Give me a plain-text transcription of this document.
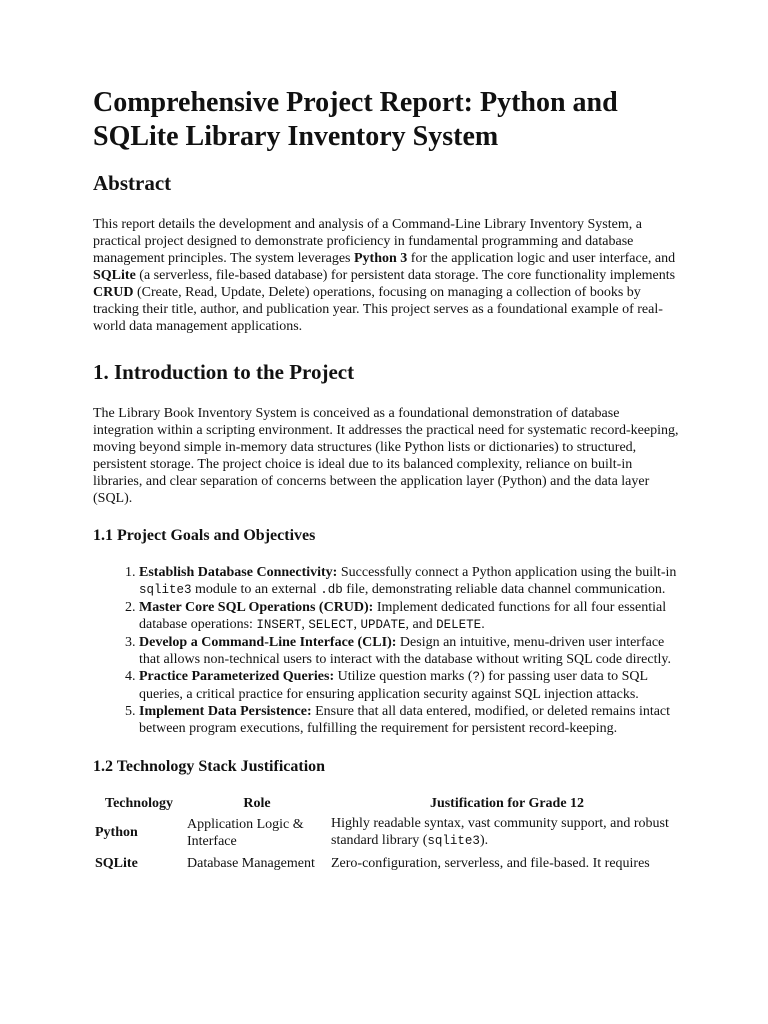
Comprehensive Project Report: Python and SQLite Library Inventory System
Abstract

This report details the development and analysis of a Command-Line Library Inventory System, a practical project designed to demonstrate proficiency in fundamental programming and database management principles. The system leverages Python 3 for the application logic and user interface, and SQLite (a serverless, file-based database) for persistent data storage. The core functionality implements CRUD (Create, Read, Update, Delete) operations, focusing on managing a collection of books by tracking their title, author, and publication year. This project serves as a foundational example of real-world data management applications.

1. Introduction to the Project

The Library Book Inventory System is conceived as a foundational demonstration of database integration within a scripting environment. It addresses the practical need for systematic record-keeping, moving beyond simple in-memory data structures (like Python lists or dictionaries) to structured, persistent storage. The project choice is ideal due to its balanced complexity, reliance on built-in libraries, and clear separation of concerns between the application layer (Python) and the data layer (SQL).

1.1 Project Goals and Objectives
1. Establish Database Connectivity: Successfully connect a Python application using the built-in sqlite3 module to an external .db file, demonstrating reliable data channel communication.
2. Master Core SQL Operations (CRUD): Implement dedicated functions for all four essential database operations: INSERT, SELECT, UPDATE, and DELETE.
3. Develop a Command-Line Interface (CLI): Design an intuitive, menu-driven user interface that allows non-technical users to interact with the database without writing SQL code directly.
4. Practice Parameterized Queries: Utilize question marks (?) for passing user data to SQL queries, a critical practice for ensuring application security against SQL injection attacks.
5. Implement Data Persistence: Ensure that all data entered, modified, or deleted remains intact between program executions, fulfilling the requirement for persistent record-keeping.
1.2 Technology Stack Justification
Technology	Role	Justification for Grade 12
Python	Application Logic & Interface	Highly readable syntax, vast community support, and robust standard library (sqlite3).
SQLite	Database Management	Zero-configuration, serverless, and file-based. It requires
